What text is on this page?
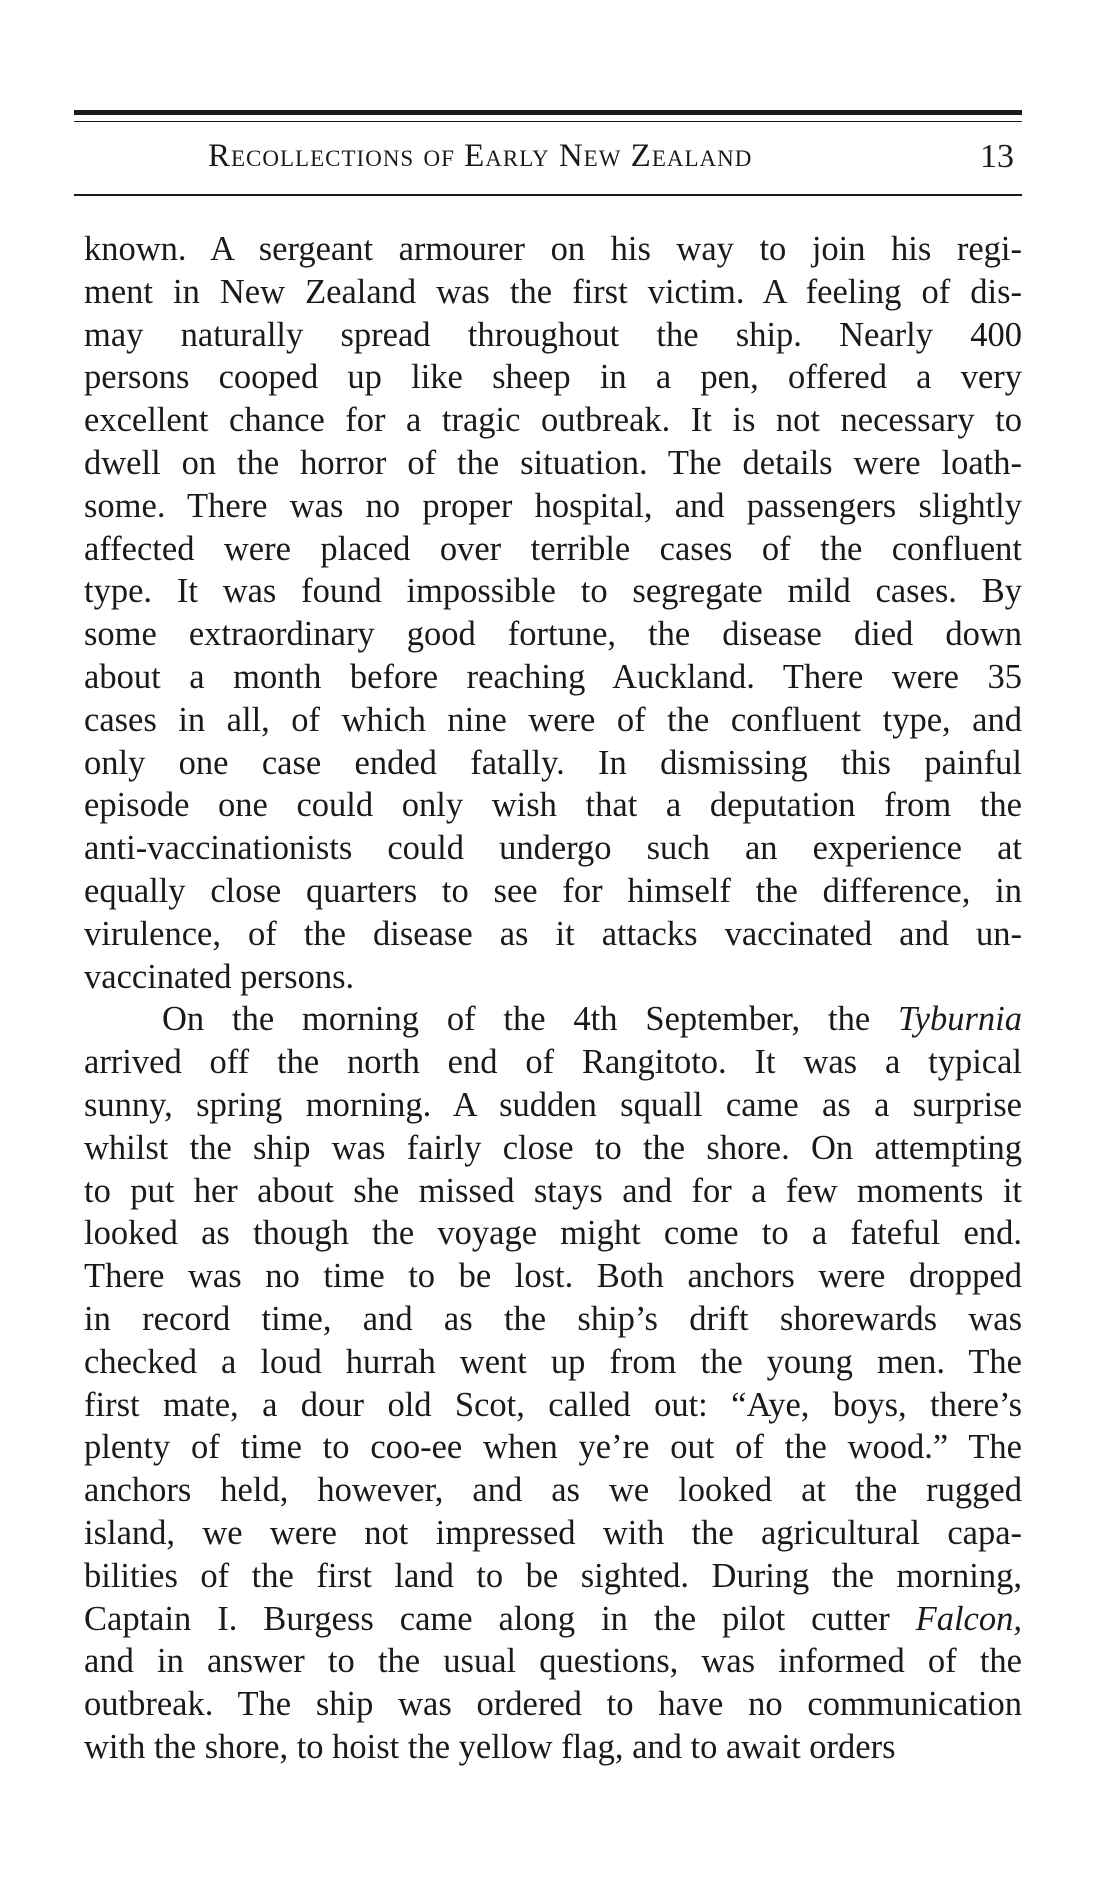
Recollections of Early New Zealand	13
known. A sergeant armourer on his way to join his regi-
ment in New Zealand was the first victim. A feeling of dis-
may naturally spread throughout the ship. Nearly 400
persons cooped up like sheep in a pen, offered a very
excellent chance for a tragic outbreak. It is not necessary to
dwell on the horror of the situation. The details were loath-
some. There was no proper hospital, and passengers slightly
affected were placed over terrible cases of the confluent
type. It was found impossible to segregate mild cases. By
some extraordinary good fortune, the disease died down
about a month before reaching Auckland. There were 35
cases in all, of which nine were of the confluent type, and
only one case ended fatally. In dismissing this painful
episode one could only wish that a deputation from the
anti-vaccinationists could undergo such an experience at
equally close quarters to see for himself the difference, in
virulence, of the disease as it attacks vaccinated and un-
vaccinated persons.
On the morning of the 4th September, the Tyburnia
arrived off the north end of Rangitoto. It was a typical
sunny, spring morning. A sudden squall came as a surprise
whilst the ship was fairly close to the shore. On attempting
to put her about she missed stays and for a few moments it
looked as though the voyage might come to a fateful end.
There was no time to be lost. Both anchors were dropped
in record time, and as the ship’s drift shorewards was
checked a loud hurrah went up from the young men. The
first mate, a dour old Scot, called out: “Aye, boys, there’s
plenty of time to coo-ee when ye’re out of the wood.” The
anchors held, however, and as we looked at the rugged
island, we were not impressed with the agricultural capa-
bilities of the first land to be sighted. During the morning,
Captain I. Burgess came along in the pilot cutter Falcon,
and in answer to the usual questions, was informed of the
outbreak. The ship was ordered to have no communication
with the shore, to hoist the yellow flag, and to await orders
